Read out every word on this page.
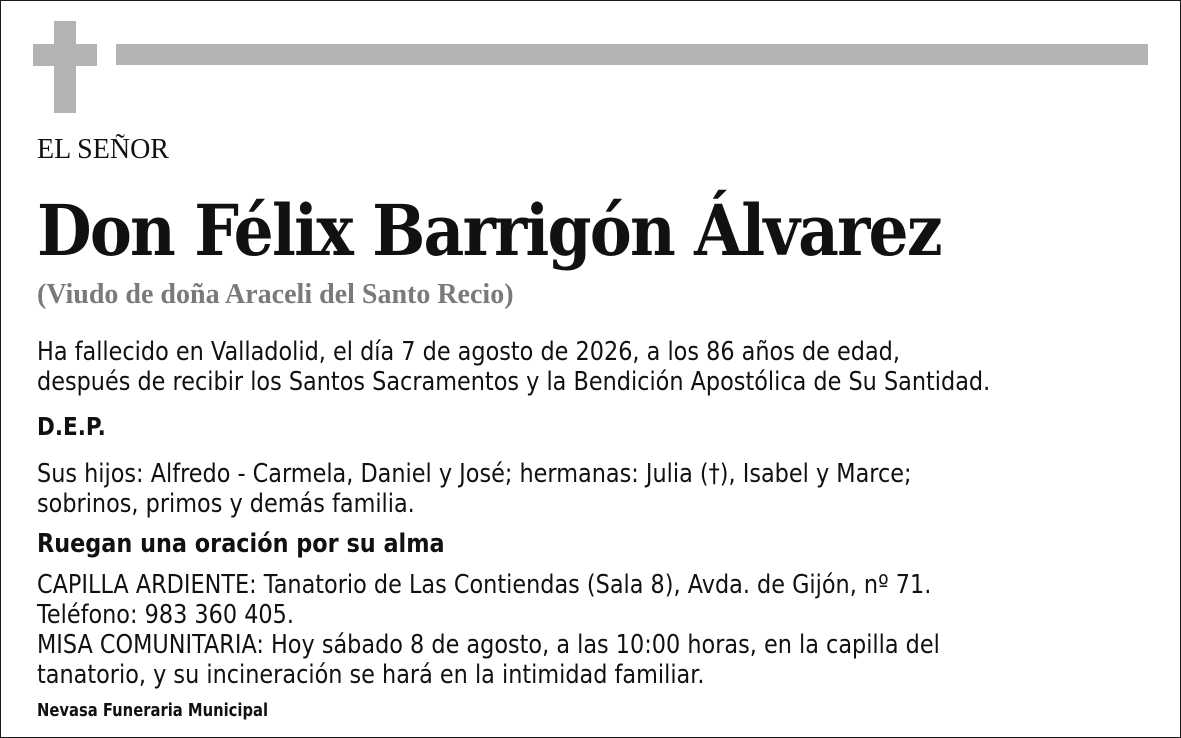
EL SEÑOR
Don Félix Barrigón Álvarez
(Viudo de doña Araceli del Santo Recio)
Ha fallecido en Valladolid, el día 7 de agosto de 2026, a los 86 años de edad,
después de recibir los Santos Sacramentos y la Bendición Apostólica de Su Santidad.
D.E.P.
Sus hijos: Alfredo - Carmela, Daniel y José; hermanas: Julia (†), Isabel y Marce;
sobrinos, primos y demás familia.
Ruegan una oración por su alma
CAPILLA ARDIENTE: Tanatorio de Las Contiendas (Sala 8), Avda. de Gijón, nº 71.
Teléfono: 983 360 405.
MISA COMUNITARIA: Hoy sábado 8 de agosto, a las 10:00 horas, en la capilla del
tanatorio, y su incineración se hará en la intimidad familiar.
Nevasa Funeraria Municipal
